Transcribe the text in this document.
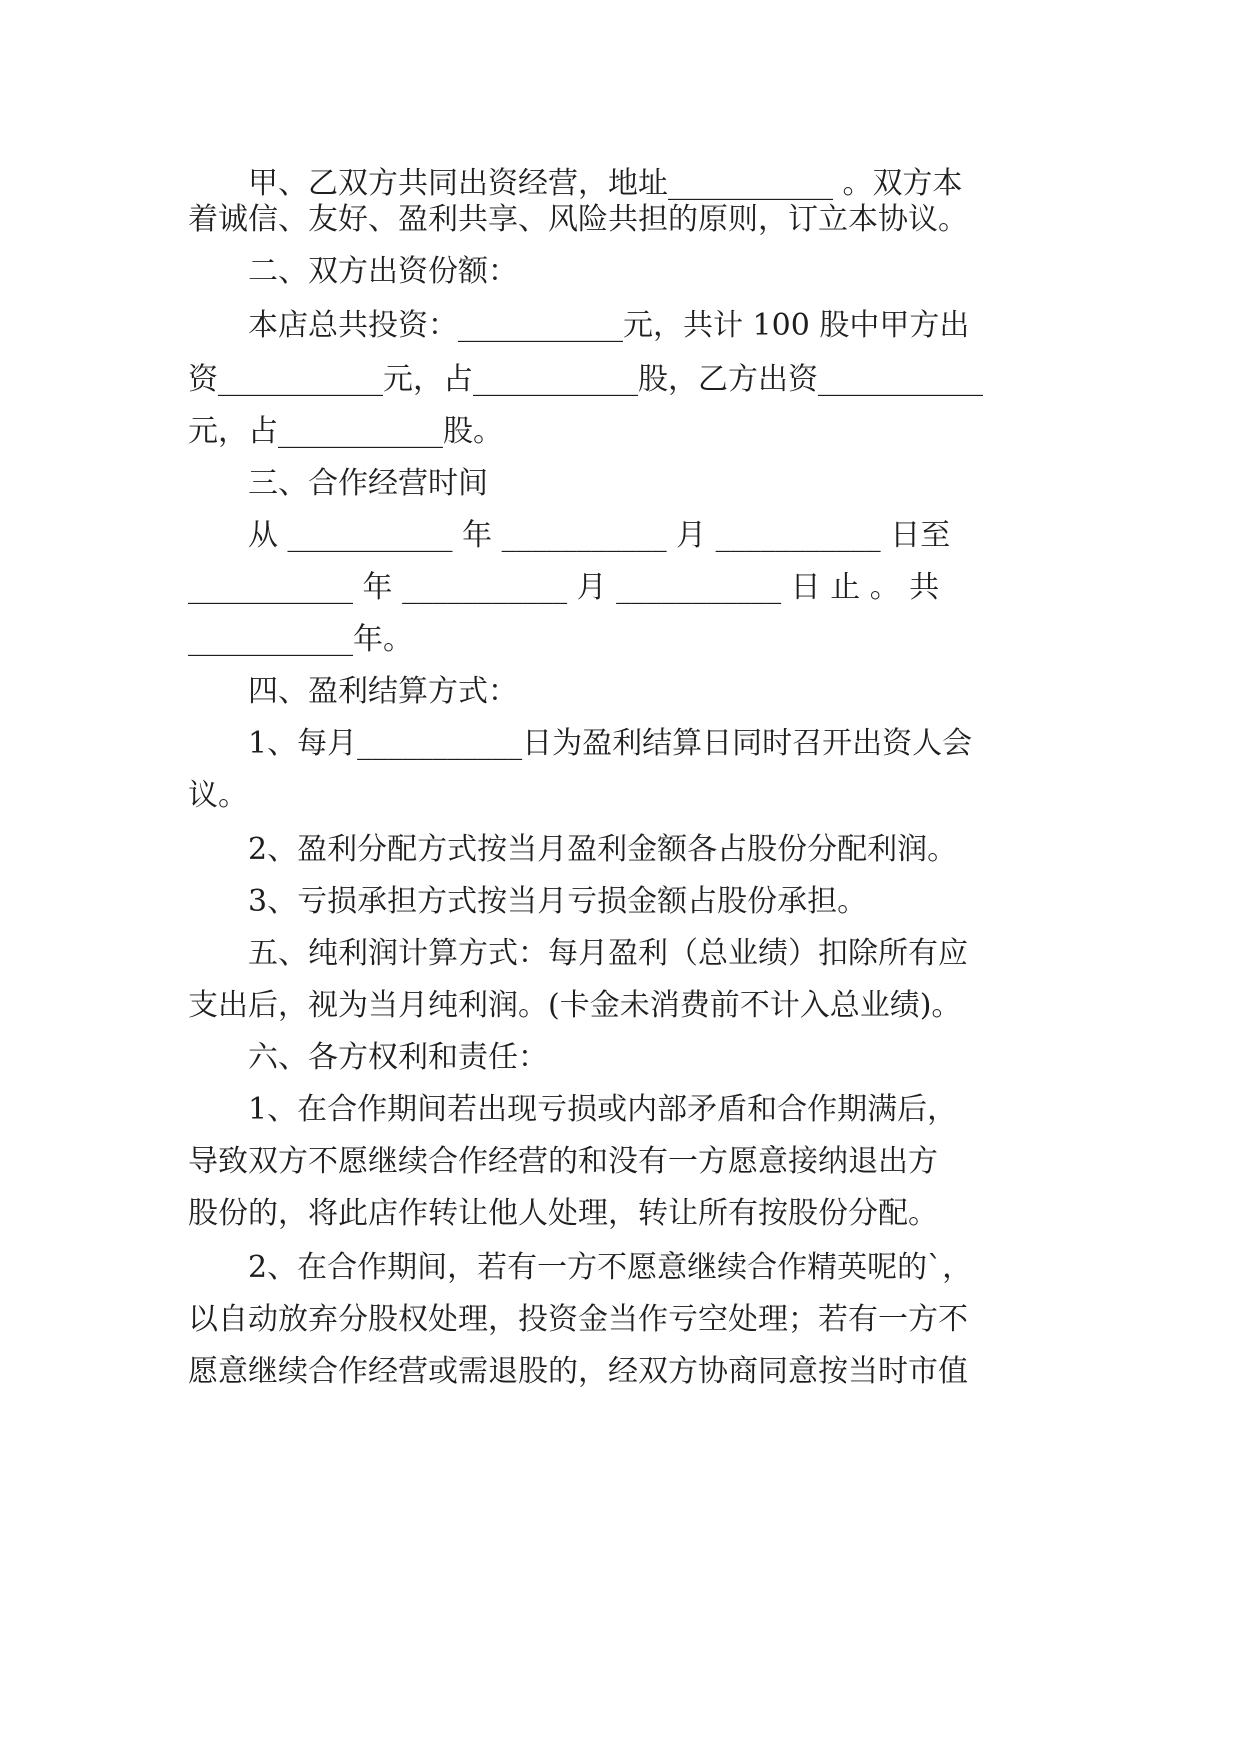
　　甲、乙双方共同出资经营，地址___________ 。双方本
着诚信、友好、盈利共享、风险共担的原则，订立本协议。
　　二、双方出资份额：
　　本店总共投资：___________元，共计 100 股中甲方出
资___________元，占___________股，乙方出资___________
元，占___________股。
　　三、合作经营时间
　　从 ___________ 年 ___________ 月 ___________ 日至
___________ 年 ___________ 月 ___________ 日 止 。 共
___________年。
　　四、盈利结算方式：
　　1、每月___________日为盈利结算日同时召开出资人会
议。
　　2、盈利分配方式按当月盈利金额各占股份分配利润。
　　3、亏损承担方式按当月亏损金额占股份承担。
　　五、纯利润计算方式：每月盈利（总业绩）扣除所有应
支出后，视为当月纯利润。(卡金未消费前不计入总业绩)。
　　六、各方权利和责任：
　　1、在合作期间若出现亏损或内部矛盾和合作期满后，
导致双方不愿继续合作经营的和没有一方愿意接纳退出方
股份的，将此店作转让他人处理，转让所有按股份分配。
　　2、在合作期间，若有一方不愿意继续合作精英呢的`，
以自动放弃分股权处理，投资金当作亏空处理；若有一方不
愿意继续合作经营或需退股的，经双方协商同意按当时市值
